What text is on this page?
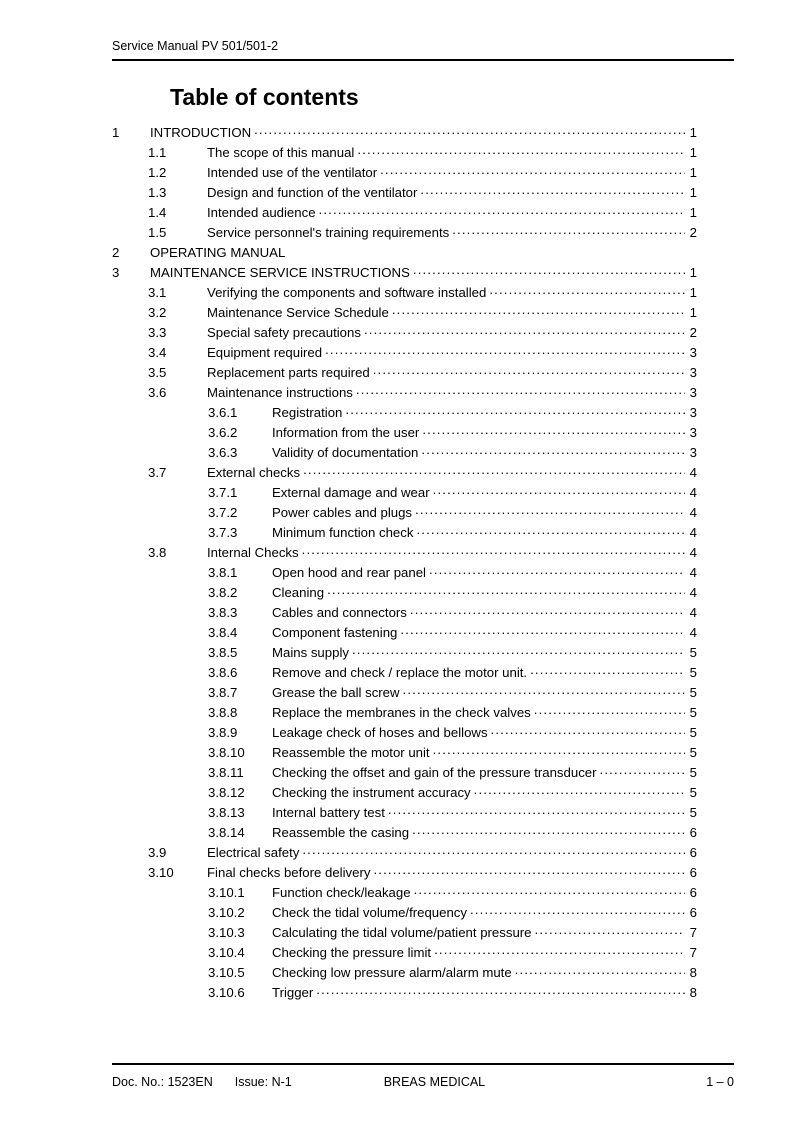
Service Manual PV 501/501-2
Table of contents
1	INTRODUCTION .....	1
1.1	The scope of this manual .....	1
1.2	Intended use of the ventilator .....	1
1.3	Design and function of the ventilator .....	1
1.4	Intended audience .....	1
1.5	Service personnel's training requirements .....	2
2	OPERATING MANUAL
3	MAINTENANCE SERVICE INSTRUCTIONS .....	1
3.1	Verifying the components and software installed .....	1
3.2	Maintenance Service Schedule .....	1
3.3	Special safety precautions .....	2
3.4	Equipment required .....	3
3.5	Replacement parts required .....	3
3.6	Maintenance instructions .....	3
3.6.1	Registration .....	3
3.6.2	Information from the user .....	3
3.6.3	Validity of documentation .....	3
3.7	External checks .....	4
3.7.1	External damage and wear .....	4
3.7.2	Power cables and plugs .....	4
3.7.3	Minimum function check .....	4
3.8	Internal Checks .....	4
3.8.1	Open hood and rear panel .....	4
3.8.2	Cleaning .....	4
3.8.3	Cables and connectors .....	4
3.8.4	Component fastening .....	4
3.8.5	Mains supply .....	5
3.8.6	Remove and check / replace the motor unit. .....	5
3.8.7	Grease the ball screw .....	5
3.8.8	Replace the membranes in the check valves .....	5
3.8.9	Leakage check of hoses and bellows .....	5
3.8.10	Reassemble the motor unit .....	5
3.8.11	Checking the offset and gain of the pressure transducer .....	5
3.8.12	Checking the instrument accuracy .....	5
3.8.13	Internal battery test .....	5
3.8.14	Reassemble the casing .....	6
3.9	Electrical safety .....	6
3.10	Final checks before delivery .....	6
3.10.1	Function check/leakage .....	6
3.10.2	Check the tidal volume/frequency .....	6
3.10.3	Calculating the tidal volume/patient pressure .....	7
3.10.4	Checking the pressure limit .....	7
3.10.5	Checking low pressure alarm/alarm mute .....	8
3.10.6	Trigger .....	8
Doc. No.: 1523EN Issue: N-1	BREAS MEDICAL	1 – 0
